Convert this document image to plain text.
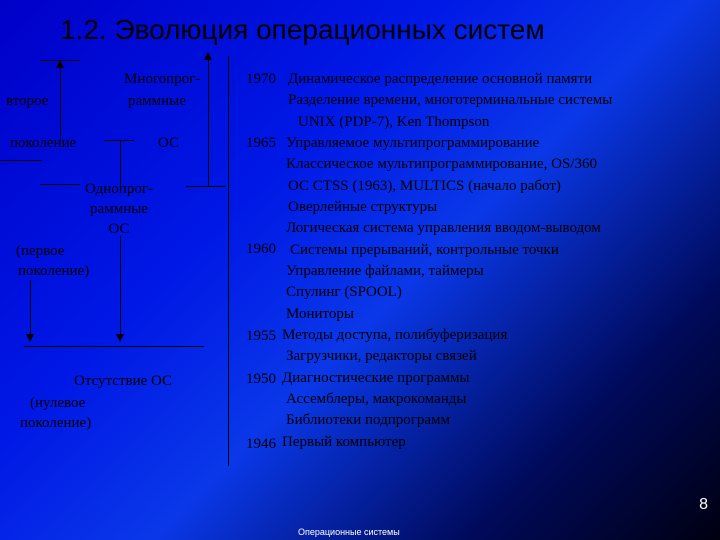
1.2. Эволюция операционных систем
второе
поколение
Многопрог-
раммные
ОС
Однопрог-
раммные
ОС
(первое
поколение)
Отсутствие ОС
(нулевое
поколение)
1970
1965
1960
1955
1950
1946
Динамическое распределение основной памяти
Разделение времени, многотерминальные системы
UNIX (PDP-7), Ken Thompson
Управляемое мультипрограммирование
Классическое мультипрограммирование, OS/360
ОС CTSS (1963), MULTICS (начало работ)
Оверлейные структуры
Логическая система управления вводом-выводом
Системы прерываний, контрольные точки
Управление файлами, таймеры
Спулинг (SPOOL)
Мониторы
Методы доступа, полибуферизация
Загрузчики, редакторы связей
Диагностические программы
Ассемблеры, макрокоманды
Библиотеки подпрограмм
Первый компьютер
8
Операционные системы
